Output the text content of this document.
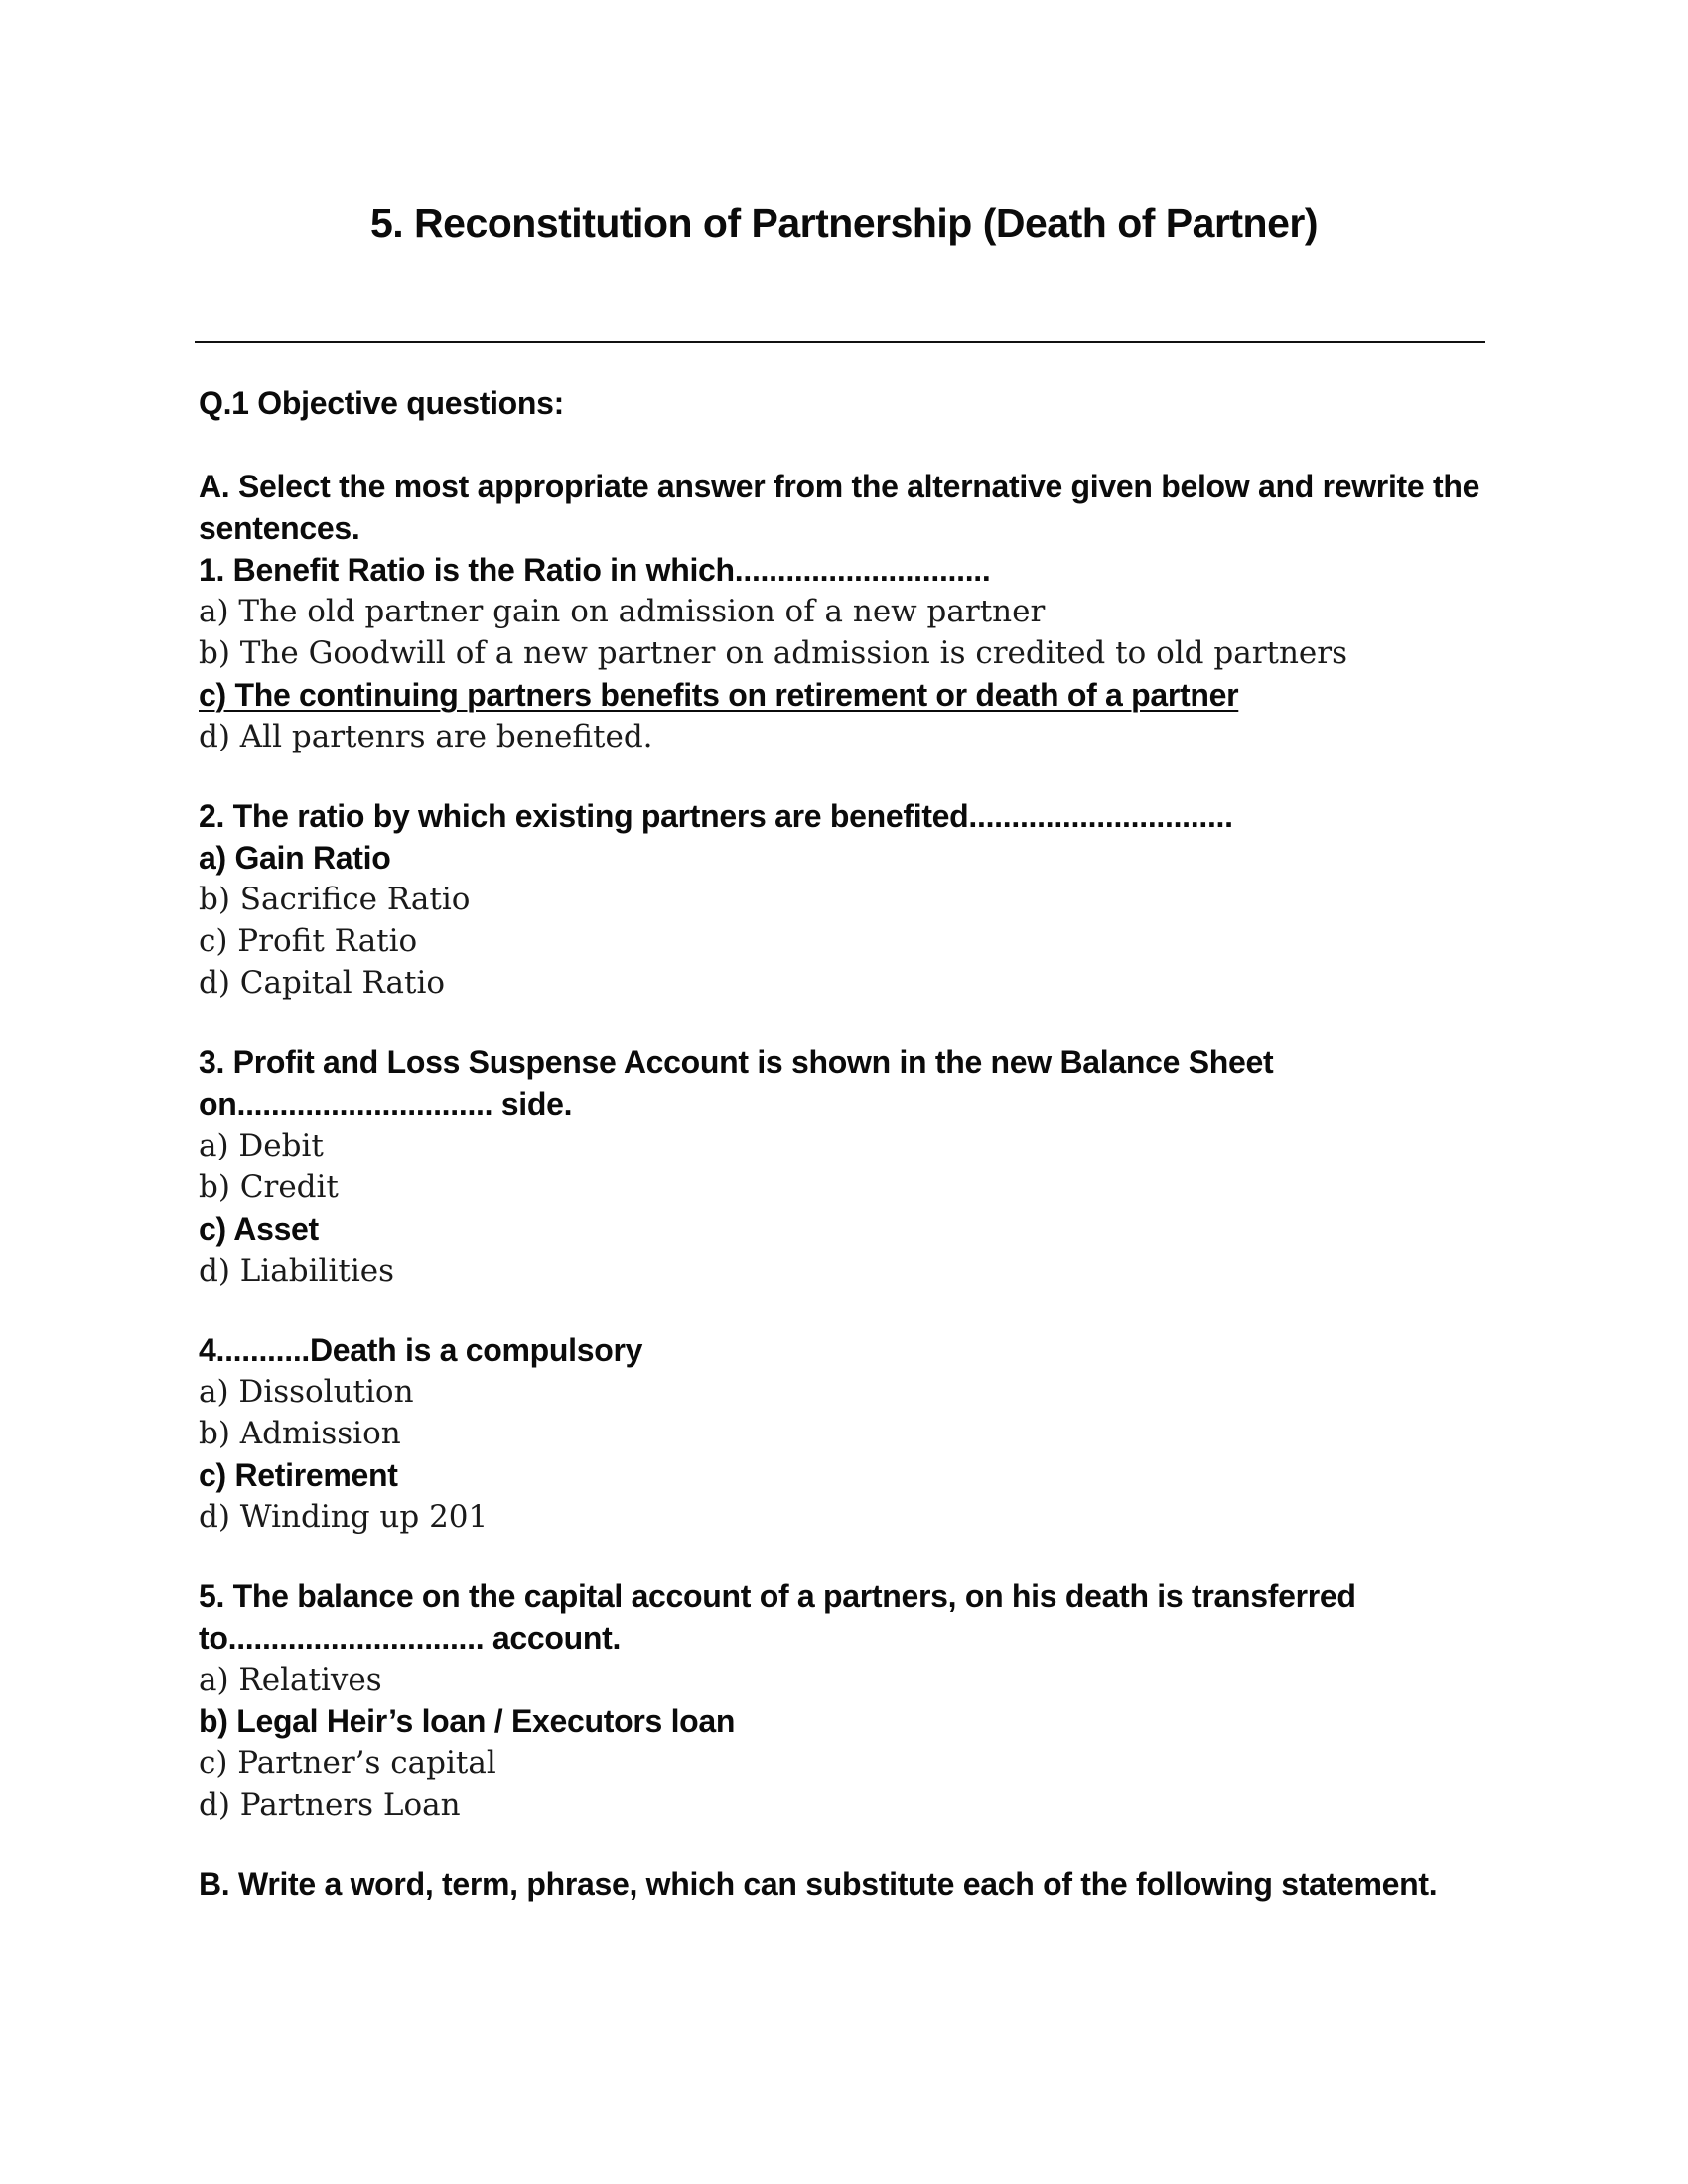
5. Reconstitution of Partnership (Death of Partner)
Q.1 Objective questions:
A. Select the most appropriate answer from the alternative given below and rewrite the sentences.
1. Benefit Ratio is the Ratio in which..............................
a) The old partner gain on admission of a new partner
b) The Goodwill of a new partner on admission is credited to old partners
c) The continuing partners benefits on retirement or death of a partner
d) All partenrs are benefited.
2. The ratio by which existing partners are benefited...............................
a) Gain Ratio
b) Sacrifice Ratio
c) Profit Ratio
d) Capital Ratio
3. Profit and Loss Suspense Account is shown in the new Balance Sheet on.............................. side.
a) Debit
b) Credit
c) Asset
d) Liabilities
4...........Death is a compulsory
a) Dissolution
b) Admission
c) Retirement
d) Winding up 201
5. The balance on the capital account of a partners, on his death is transferred to.............................. account.
a) Relatives
b) Legal Heir’s loan / Executors loan
c) Partner’s capital
d) Partners Loan
B. Write a word, term, phrase, which can substitute each of the following statement.
